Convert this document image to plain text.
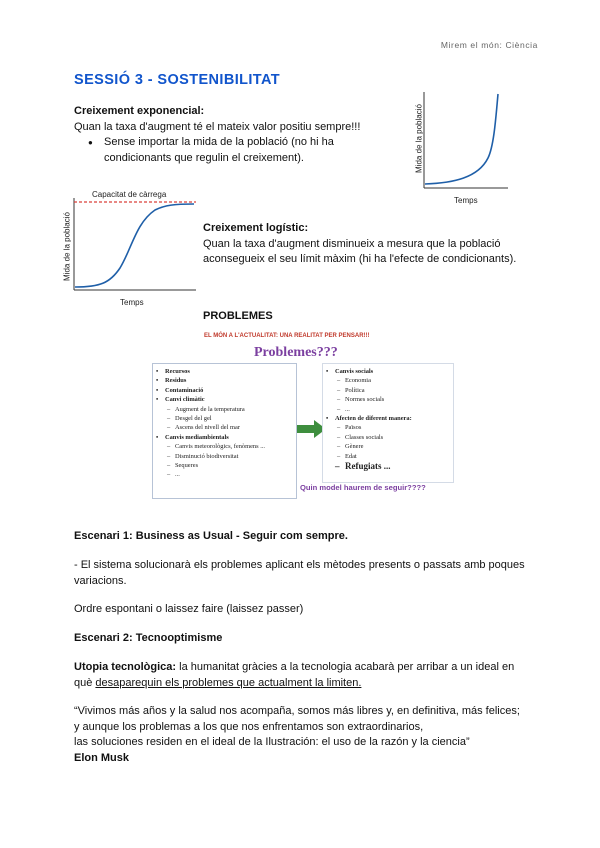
Mirem el món: Ciència
SESSIÓ 3 - SOSTENIBILITAT
Creixement exponencial:
Quan la taxa d'augment té el mateix valor positiu sempre!!!
● Sense importar la mida de la població (no hi ha
condicionants que regulin el creixement).	Mida de la població
Temps
Capacitat de càrrega
Mida de la població
Temps
Creixement logístic:
Quan la taxa d'augment disminueix a mesura que la població
aconsegueix el seu límit màxim (hi ha l'efecte de condicionants).
PROBLEMES
EL MÓN A L'ACTUALITAT: UNA REALITAT PER PENSAR!!!
Problemes???
• Recursos
• Residus
• Contaminació
• Canvi climàtic
– Augment de la temperatura
– Desgel del gel
– Ascens del nivell del mar
• Canvis mediambientals
– Canvis meteorològics, fenòmens ...
– Disminució biodiversitat
– Sequeres
– ...
• Canvis socials
– Economia
– Política
– Normes socials
– ...
• Afecten de diferent manera:
– Països
– Classes socials
– Gènere
– Edat
– Refugiats ...
Quin model haurem de seguir????
Escenari 1: Business as Usual - Seguir com sempre.
- El sistema solucionarà els problemes aplicant els mètodes presents o passats amb poques
variacions.
Ordre espontani o laissez faire (laissez passer)
Escenari 2: Tecnooptimisme
Utopia tecnològica: la humanitat gràcies a la tecnologia acabarà per arribar a un ideal en
què desaparequin els problemes que actualment la limiten.
“Vivimos más años y la salud nos acompaña, somos más libres y, en definitiva, más felices;
y aunque los problemas a los que nos enfrentamos son extraordinarios,
las soluciones residen en el ideal de la Ilustración: el uso de la razón y la ciencia”
Elon Musk
